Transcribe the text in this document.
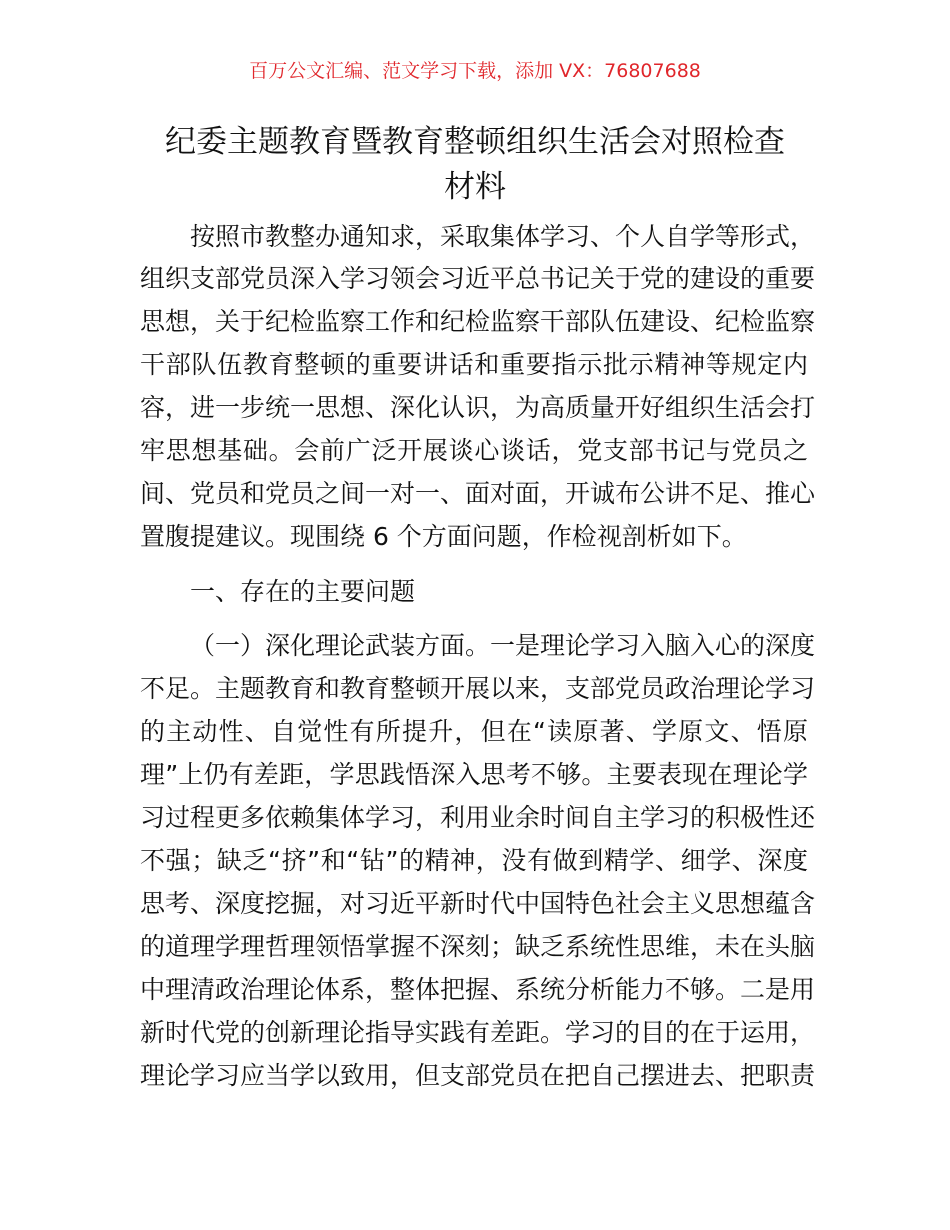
百万公文汇编、范文学习下载，添加 VX：76807688
纪委主题教育暨教育整顿组织生活会对照检查
材料
按照市教整办通知求，采取集体学习、个人自学等形式，
组织支部党员深入学习领会习近平总书记关于党的建设的重要
思想，关于纪检监察工作和纪检监察干部队伍建设、纪检监察
干部队伍教育整顿的重要讲话和重要指示批示精神等规定内
容，进一步统一思想、深化认识，为高质量开好组织生活会打
牢思想基础。会前广泛开展谈心谈话，党支部书记与党员之
间、党员和党员之间一对一、面对面，开诚布公讲不足、推心
置腹提建议。现围绕 6 个方面问题，作检视剖析如下。
一、存在的主要问题
（一）深化理论武装方面。一是理论学习入脑入心的深度
不足。主题教育和教育整顿开展以来，支部党员政治理论学习
的主动性、自觉性有所提升，但在“读原著、学原文、悟原
理”上仍有差距，学思践悟深入思考不够。主要表现在理论学
习过程更多依赖集体学习，利用业余时间自主学习的积极性还
不强；缺乏“挤”和“钻”的精神，没有做到精学、细学、深度
思考、深度挖掘，对习近平新时代中国特色社会主义思想蕴含
的道理学理哲理领悟掌握不深刻；缺乏系统性思维，未在头脑
中理清政治理论体系，整体把握、系统分析能力不够。二是用
新时代党的创新理论指导实践有差距。学习的目的在于运用，
理论学习应当学以致用，但支部党员在把自己摆进去、把职责
